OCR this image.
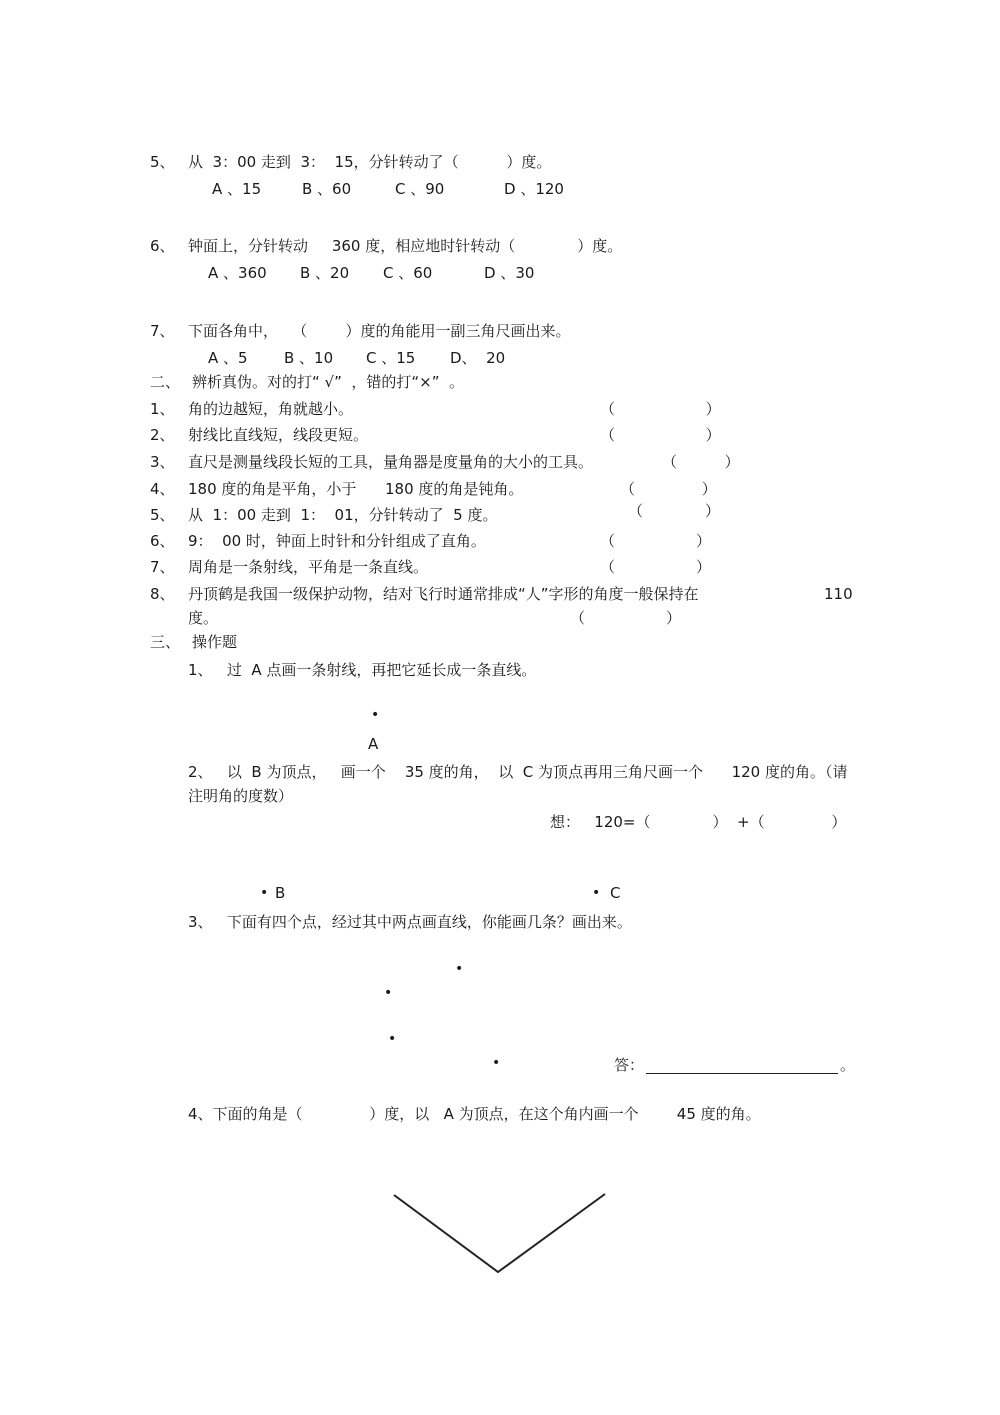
5、 从  3：00 走到  3：  15，分针转动了（          ）度。
A 、15	B 、60	C 、90	D 、120
6、 钟面上，分针转动     360 度，相应地时针转动（             ）度。
A 、360 B 、20 C 、60	D 、30
7、 下面各角中，   （        ）度的角能用一副三角尺画出来。
A 、5 B 、10 C 、15 D、  20
二、 辨析真伪。对的打“ √”  ，错的打“×”  。
1、 角的边越短，角就越小。	（                   ）
2、 射线比直线短，线段更短。	（                   ）
3、 直尺是测量线段长短的工具，量角器是度量角的大小的工具。	（          ）
4、 180 度的角是平角，小于      180 度的角是钝角。	（              ）
5、 从  1：00 走到  1：  01，分针转动了  5 度。	（             ）
6、 9：  00 时，钟面上时针和分针组成了直角。	（                 ）
7、 周角是一条射线，平角是一条直线。	（                 ）
8、 丹顶鹤是我国一级保护动物，结对飞行时通常排成“人”字形的角度一般保持在	110
度。	（                 ）
三、 操作题
1、   过  A 点画一条射线，再把它延长成一条直线。
•
A
2、   以  B 为顶点，   画一个    35 度的角，  以  C 为顶点再用三角尺画一个      120 度的角。（请
注明角的度数）
想：   120=（             ）  +（              ）
• B	• C
3、   下面有四个点，经过其中两点画直线，你能画几条？画出来。
•
•
•
•	答：	。
4、下面的角是（              ）度，以   A 为顶点，在这个角内画一个        45 度的角。
